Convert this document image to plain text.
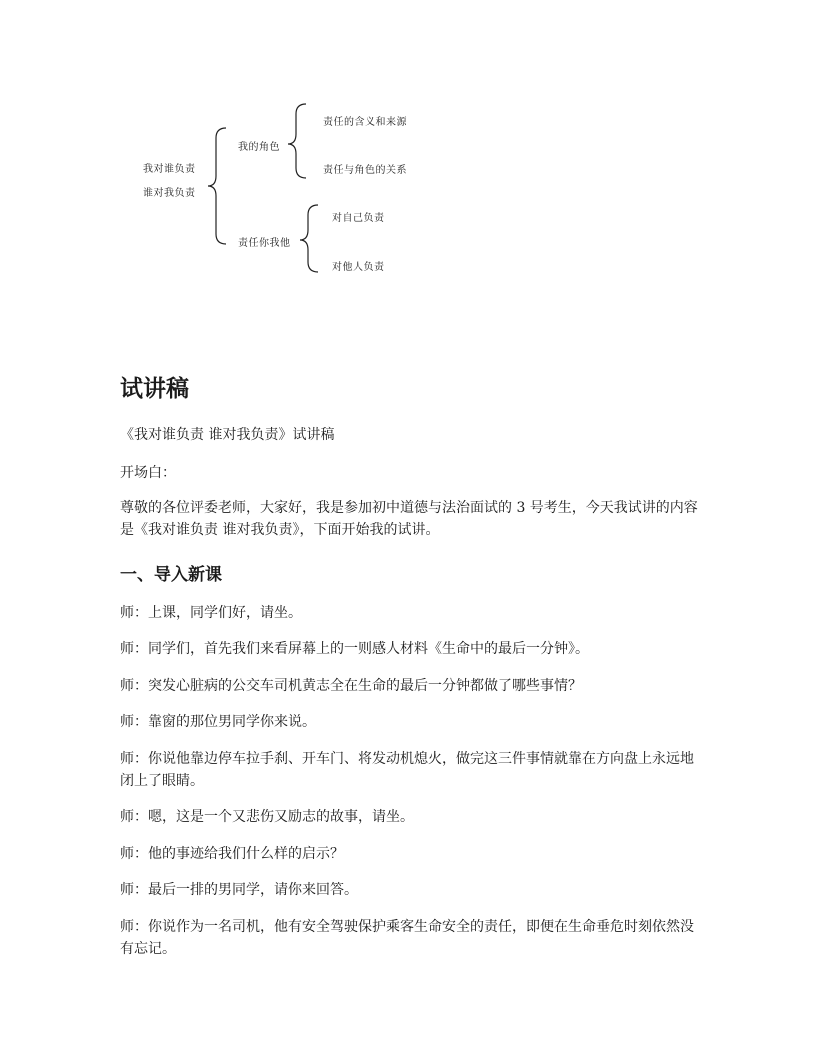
我对谁负责
谁对我负责
我的角色
责任的含义和来源
责任与角色的关系
责任你我他
对自己负责
对他人负责
试讲稿

《我对谁负责 谁对我负责》试讲稿

开场白：

尊敬的各位评委老师，大家好，我是参加初中道德与法治面试的 3 号考生，今天我试讲的内容是《我对谁负责 谁对我负责》，下面开始我的试讲。

一、导入新课

师：上课，同学们好，请坐。

师：同学们，首先我们来看屏幕上的一则感人材料《生命中的最后一分钟》。

师：突发心脏病的公交车司机黄志全在生命的最后一分钟都做了哪些事情？

师：靠窗的那位男同学你来说。

师：你说他靠边停车拉手刹、开车门、将发动机熄火，做完这三件事情就靠在方向盘上永远地闭上了眼睛。

师：嗯，这是一个又悲伤又励志的故事，请坐。

师：他的事迹给我们什么样的启示？

师：最后一排的男同学，请你来回答。

师：你说作为一名司机，他有安全驾驶保护乘客生命安全的责任，即便在生命垂危时刻依然没有忘记。
